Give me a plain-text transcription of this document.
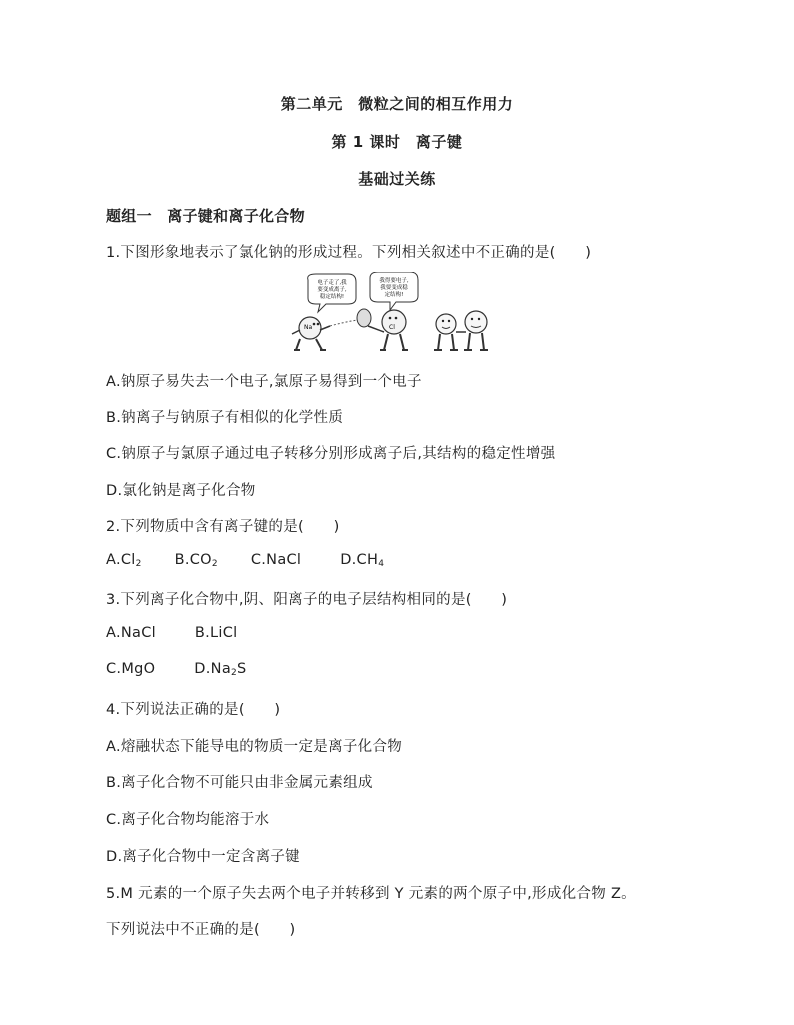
第二单元　微粒之间的相互作用力
第 1 课时　离子键
基础过关练
题组一　离子键和离子化合物
1.下图形象地表示了氯化钠的形成过程。下列相关叙述中不正确的是(　　)
电子走了,我
要变成离子,
稳定结构!
我得要电子,
我要变成稳
定结构!
Na	Cl
A.钠原子易失去一个电子,氯原子易得到一个电子
B.钠离子与钠原子有相似的化学性质
C.钠原子与氯原子通过电子转移分别形成离子后,其结构的稳定性增强
D.氯化钠是离子化合物
2.下列物质中含有离子键的是(　　)
$A.Cl_2$ $B.CO_2$ C.NaCl	$D.CH_4$
3.下列离子化合物中,阴、阳离子的电子层结构相同的是(　　)
A.NaCl	B.LiCl
C.MgO	$D.Na_2S$
4.下列说法正确的是(　　)
A.熔融状态下能导电的物质一定是离子化合物
B.离子化合物不可能只由非金属元素组成
C.离子化合物均能溶于水
D.离子化合物中一定含离子键
5.M 元素的一个原子失去两个电子并转移到 Y 元素的两个原子中,形成化合物 Z。
下列说法中不正确的是(　　)
